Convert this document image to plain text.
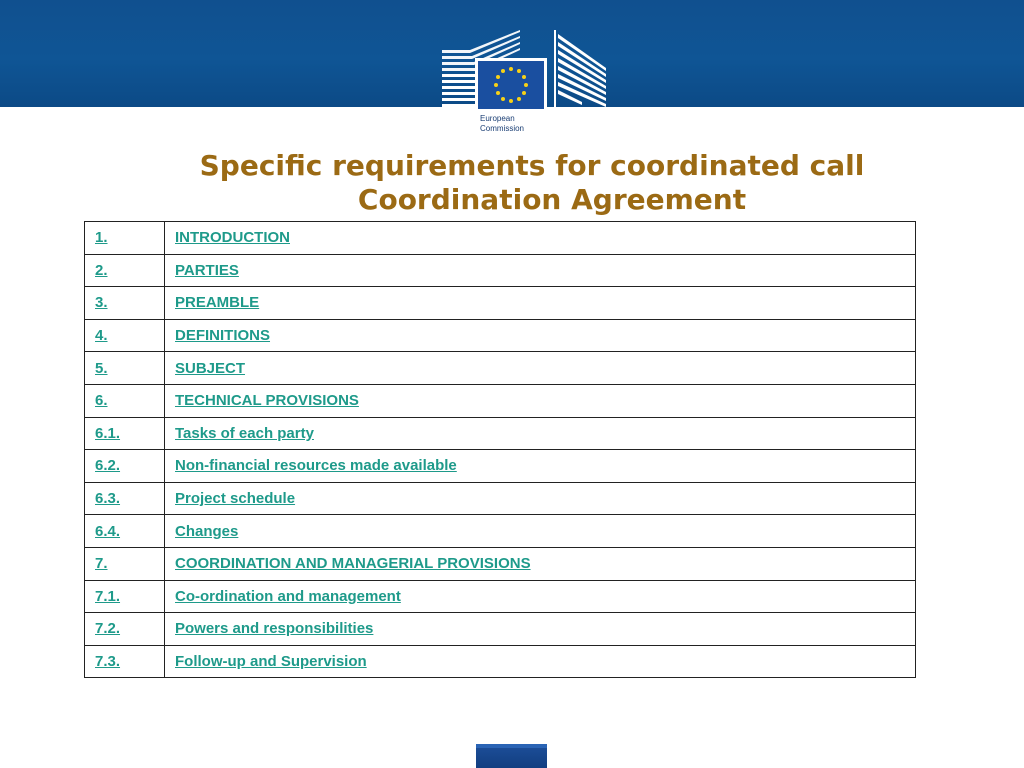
European
Commission
Specific requirements for coordinated call
Coordination Agreement
1.	INTRODUCTION
2.	PARTIES
3.	PREAMBLE
4.	DEFINITIONS
5.	SUBJECT
6.	TECHNICAL PROVISIONS
6.1.	Tasks of each party
6.2.	Non-financial resources made available
6.3.	Project schedule
6.4.	Changes
7.	COORDINATION AND MANAGERIAL PROVISIONS
7.1.	Co-ordination and management
7.2.	Powers and responsibilities
7.3.	Follow-up and Supervision
